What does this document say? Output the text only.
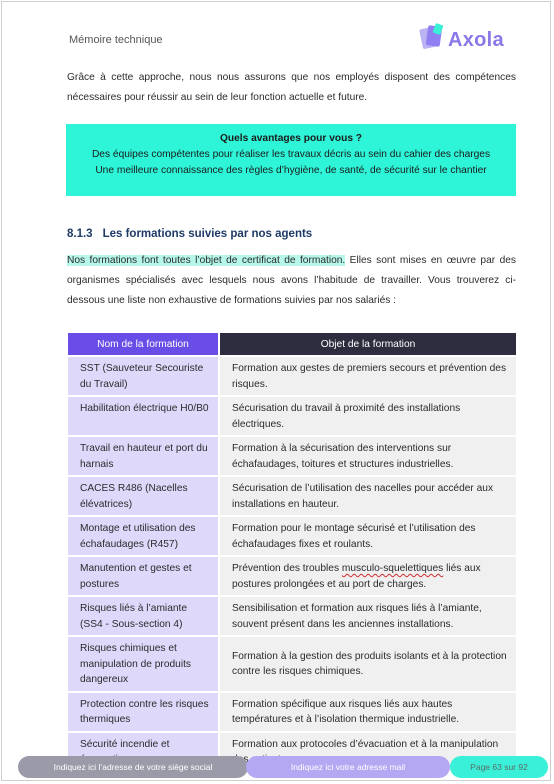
Mémoire technique	Axola

Grâce à cette approche, nous nous assurons que nos employés disposent des compétences nécessaires pour réussir au sein de leur fonction actuelle et future.

Quels avantages pour vous ?
Des équipes compétentes pour réaliser les travaux décris au sein du cahier des charges
Une meilleure connaissance des règles d’hygiène, de santé, de sécurité sur le chantier
8.1.3 Les formations suivies par nos agents

Nos formations font toutes l’objet de certificat de formation. Elles sont mises en œuvre par des organismes spécialisés avec lesquels nous avons l’habitude de travailler. Vous trouverez ci-dessous une liste non exhaustive de formations suivies par nos salariés :

Nom de la formation	Objet de la formation
SST (Sauveteur Secouriste du Travail)	Formation aux gestes de premiers secours et prévention des risques.
Habilitation électrique H0/B0	Sécurisation du travail à proximité des installations électriques.
Travail en hauteur et port du harnais	Formation à la sécurisation des interventions sur échafaudages, toitures et structures industrielles.
CACES R486 (Nacelles élévatrices)	Sécurisation de l’utilisation des nacelles pour accéder aux installations en hauteur.
Montage et utilisation des échafaudages (R457)	Formation pour le montage sécurisé et l’utilisation des échafaudages fixes et roulants.
Manutention et gestes et postures	Prévention des troubles musculo-squelettiques liés aux postures prolongées et au port de charges.
Risques liés à l’amiante (SS4 - Sous-section 4)	Sensibilisation et formation aux risques liés à l’amiante, souvent présent dans les anciennes installations.
Risques chimiques et manipulation de produits dangereux	Formation à la gestion des produits isolants et à la protection contre les risques chimiques.
Protection contre les risques thermiques	Formation spécifique aux risques liés aux hautes températures et à l’isolation thermique industrielle.
Sécurité incendie et	Formation aux protocoles d’évacuation et à la manipulation
Indiquez ici l’adresse de votre siège social	Indiquez ici votre adresse mail	Page 63 sur 92
